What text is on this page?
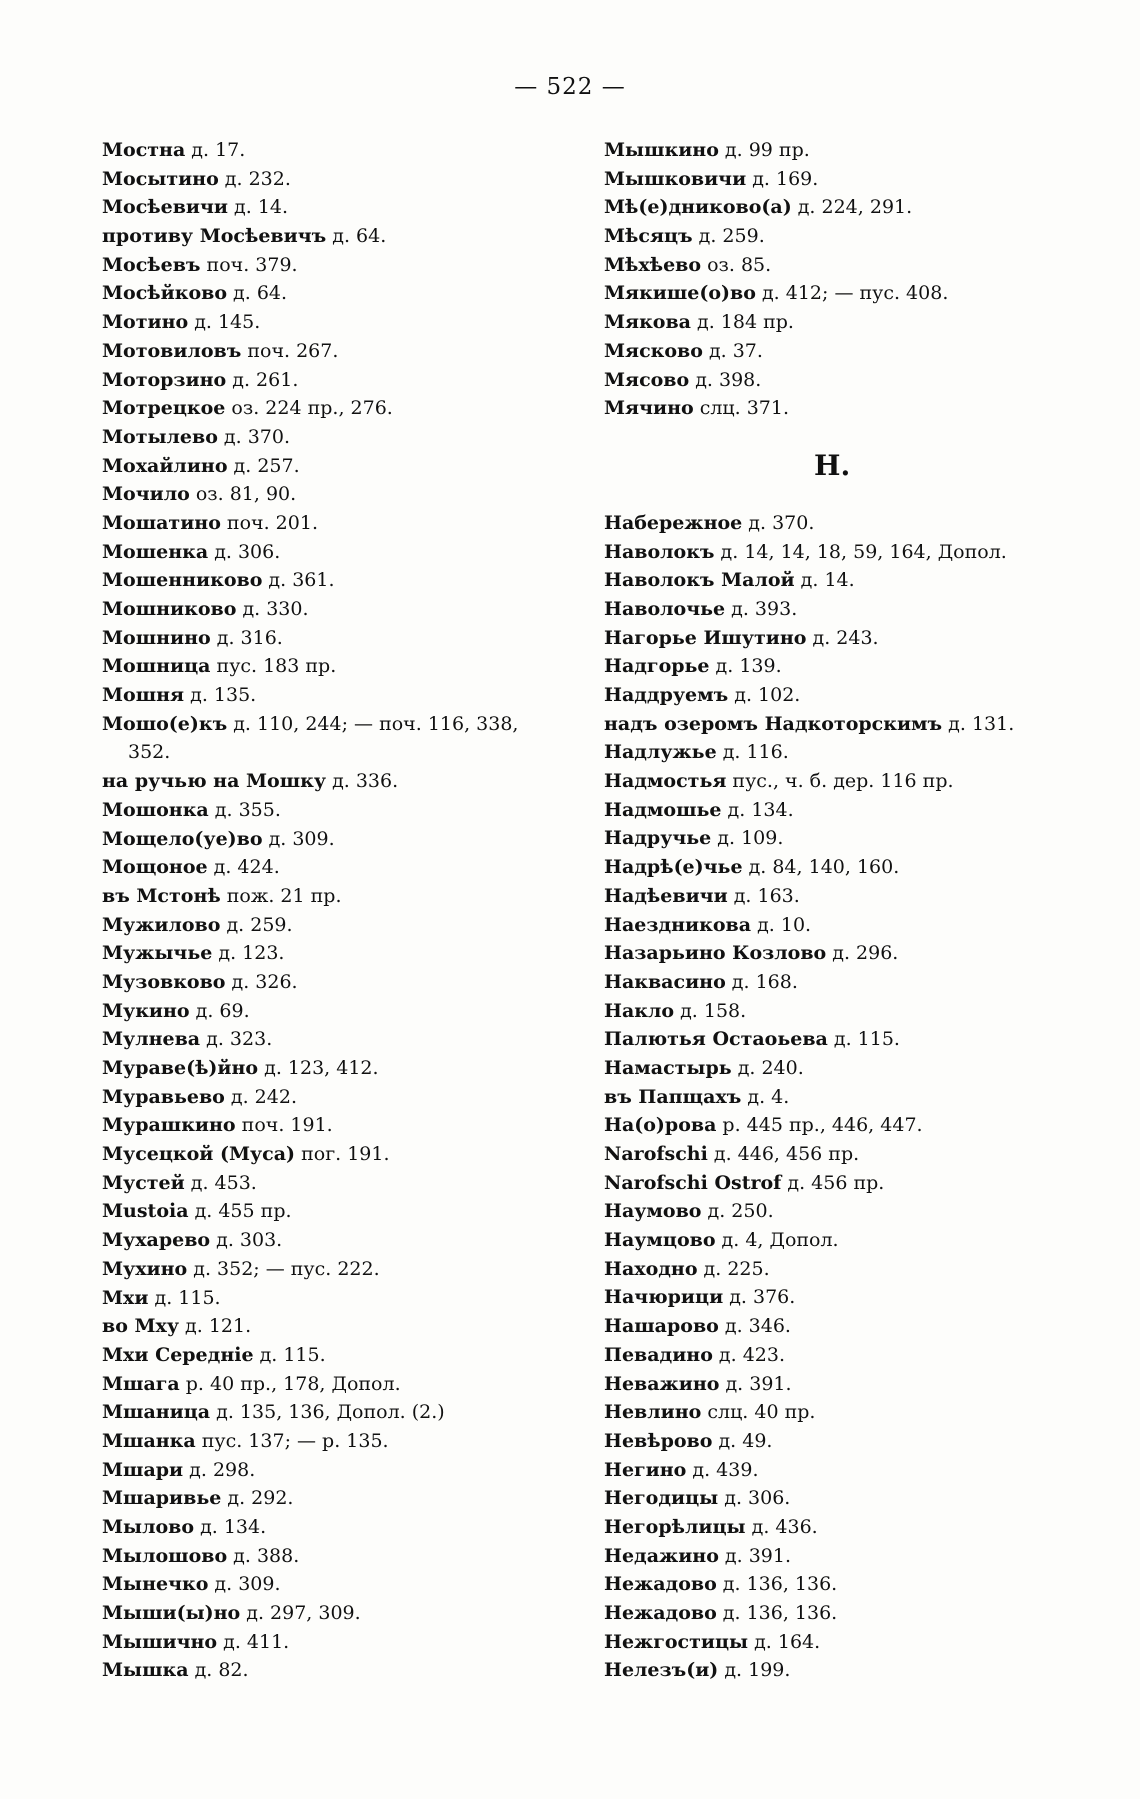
— 522 —
Мостна д. 17.
Мосытино д. 232.
Мосѣевичи д. 14.
противу Мосѣевичъ д. 64.
Мосѣевъ поч. 379.
Мосѣйково д. 64.
Мотино д. 145.
Мотовиловъ поч. 267.
Моторзино д. 261.
Мотрецкое оз. 224 пр., 276.
Мотылево д. 370.
Мохайлино д. 257.
Мочило оз. 81, 90.
Мошатино поч. 201.
Мошенка д. 306.
Мошенниково д. 361.
Мошниково д. 330.
Мошнино д. 316.
Мошница пус. 183 пр.
Мошня д. 135.
Мошо(е)къ д. 110, 244; — поч. 116, 338,
352.
на ручью на Мошку д. 336.
Мошонка д. 355.
Мощело(уе)во д. 309.
Мощоное д. 424.
въ Мстонѣ пож. 21 пр.
Мужилово д. 259.
Мужычье д. 123.
Музовково д. 326.
Мукино д. 69.
Мулнева д. 323.
Мураве(ѣ)йно д. 123, 412.
Муравьево д. 242.
Мурашкино поч. 191.
Мусецкой (Муса) пог. 191.
Мустей д. 453.
Mustoia д. 455 пр.
Мухарево д. 303.
Мухино д. 352; — пус. 222.
Мхи д. 115.
во Мху д. 121.
Мхи Середніе д. 115.
Мшага р. 40 пр., 178, Допол.
Мшаница д. 135, 136, Допол. (2.)
Мшанка пус. 137; — р. 135.
Мшари д. 298.
Мшаривье д. 292.
Мылово д. 134.
Мылошово д. 388.
Мынечко д. 309.
Мыши(ы)но д. 297, 309.
Мышично д. 411.
Мышка д. 82.
Мышкино д. 99 пр.
Мышковичи д. 169.
Мѣ(е)дниково(а) д. 224, 291.
Мѣсяцъ д. 259.
Мѣхѣево оз. 85.
Мякише(о)во д. 412; — пус. 408.
Мякова д. 184 пр.
Мясково д. 37.
Мясово д. 398.
Мячино слц. 371.
Н.
Набережное д. 370.
Наволокъ д. 14, 14, 18, 59, 164, Допол.
Наволокъ Малой д. 14.
Наволочье д. 393.
Нагорье Ишутино д. 243.
Надгорье д. 139.
Наддруемъ д. 102.
надъ озеромъ Надкоторскимъ д. 131.
Надлужье д. 116.
Надмостья пус., ч. б. дер. 116 пр.
Надмошье д. 134.
Надручье д. 109.
Надрѣ(е)чье д. 84, 140, 160.
Надѣевичи д. 163.
Наездникова д. 10.
Назарьино Козлово д. 296.
Наквасино д. 168.
Накло д. 158.
Палютья Остаоьева д. 115.
Намастырь д. 240.
въ Папщахъ д. 4.
На(о)рова р. 445 пр., 446, 447.
Narofschi д. 446, 456 пр.
Narofschi Ostrof д. 456 пр.
Наумово д. 250.
Наумцово д. 4, Допол.
Находно д. 225.
Начюрици д. 376.
Нашарово д. 346.
Певадино д. 423.
Неважино д. 391.
Невлино слц. 40 пр.
Невѣрово д. 49.
Негино д. 439.
Негодицы д. 306.
Негорѣлицы д. 436.
Недажино д. 391.
Нежадово д. 136, 136.
Нежадово д. 136, 136.
Нежгостицы д. 164.
Нелезъ(и) д. 199.
